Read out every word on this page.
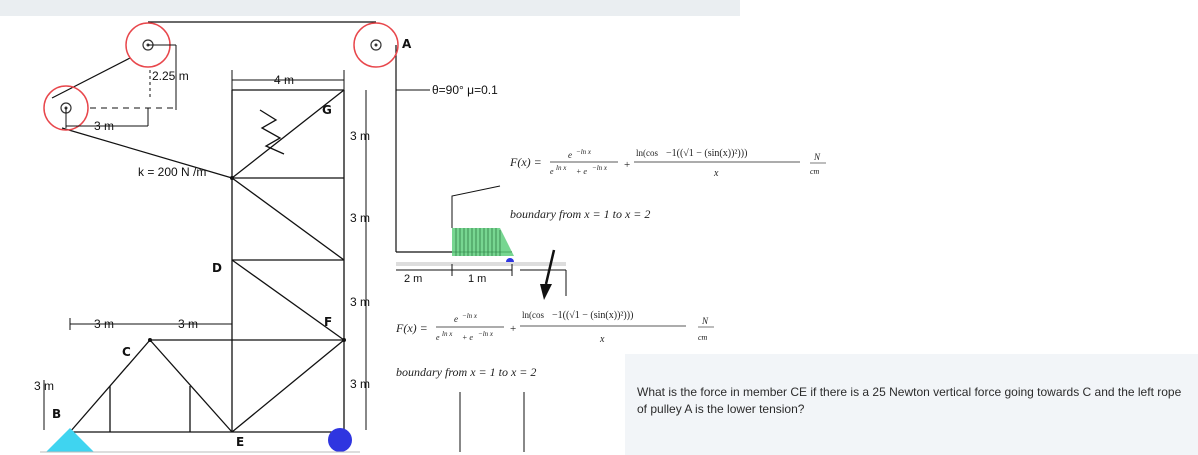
A
2.25 m
3 m
4 m
k = 200 N /m
3 m
3 m
3 m
3 m
3 m	3 m
3 m
G
D
F
C
B
E
θ=90° μ=0.1
2 m	1 m
F(x) =	e −ln x
e ln x + e −ln x +
ln(cos −1((√1 − (sin(x))²)))
x
N
cm
boundary from x = 1 to x = 2
F(x) =
e −ln x
e ln x + e −ln x +
ln(cos −1((√1 − (sin(x))²)))
x
N
cm
boundary from x = 1 to x = 2
What is the force in member CE if there is a 25 Newton vertical force going towards C and the left rope of pulley A is the lower tension?
